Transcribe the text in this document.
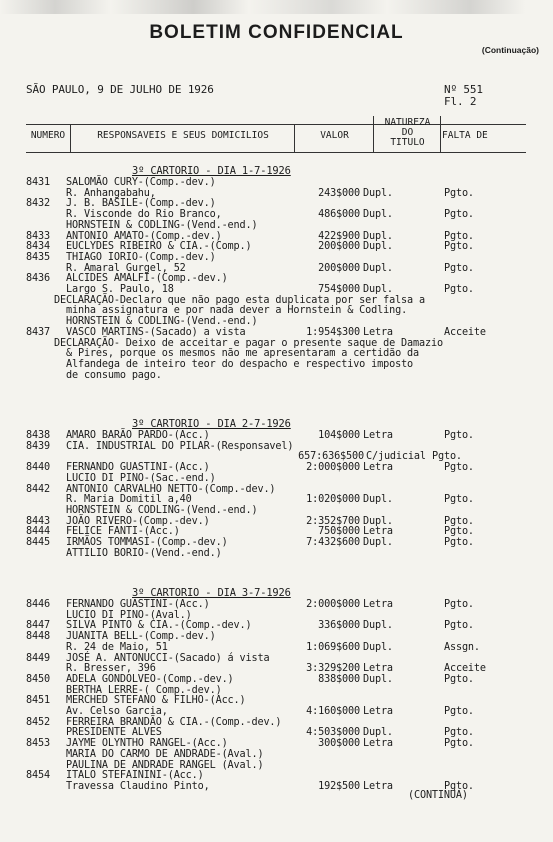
BOLETIM CONFIDENCIAL
(Continuação)
SÃO PAULO, 9 DE JULHO DE 1926	Nº 551
Fl. 2
NUMERO	RESPONSAVEIS E SEUS DOMICILIOS	VALOR
NATUREZA
DO
TITULO
FALTA DE
3º CARTORIO - DIA 1-7-1926
8431 SALOMÃO CURY-(Comp.-dev.)
R. Anhangabahu,	243$000 Dupl.	Pgto.
8432 J. B. BASILE-(Comp.-dev.)
R. Visconde do Rio Branco,	486$000 Dupl.	Pgto.
HORNSTEIN & CODLING-(Vend.-end.)
8433 ANTONIO AMATO-(Comp.-dev.)	422$900 Dupl.	Pgto.
8434 EUCLYDES RIBEIRO & CIA.-(Comp.)	200$000 Dupl.	Pgto.
8435 THIAGO IORIO-(Comp.-dev.)
R. Amaral Gurgel, 52	200$000 Dupl.	Pgto.
8436 ALCIDES AMALFI-(Comp.-dev.)
Largo S. Paulo, 18	754$000 Dupl.	Pgto.
DECLARAÇÃO-Declaro que não pago esta duplicata por ser falsa a
minha assignatura e por nada dever a Hornstein & Codling.
HORNSTEIN & CODLING-(Vend.-end.)
8437 VASCO MARTINS-(Sacado) a vista	1:954$300 Letra	Acceite
DECLARAÇÃO- Deixo de acceitar e pagar o presente saque de Damazio
& Pires, porque os mesmos não me apresentaram a certidão da
Alfandega de inteiro teor do despacho e respectivo imposto
de consumo pago.
3º CARTORIO - DIA 2-7-1926
8438 AMARO BARÃO PARDO-(Acc.)	104$000 Letra	Pgto.
8439 CIA. INDUSTRIAL DO PILAR-(Responsavel)
657:636$500 C/judicial Pgto.
8440 FERNANDO GUASTINI-(Acc.)	2:000$000 Letra	Pgto.
LUCIO DI PINO-(Sac.-end.)
8442 ANTONIO CARVALHO NETTO-(Comp.-dev.)
R. Maria Domitil a,40	1:020$000 Dupl.	Pgto.
HORNSTEIN & CODLING-(Vend.-end.)
8443 JOÃO RIVERO-(Comp.-dev.)	2:352$700 Dupl.	Pgto.
8444 FELICE FANTI-(Acc.)	750$000 Letra	Pgto.
8445 IRMÃOS TOMMASI-(Comp.-dev.)	7:432$600 Dupl.	Pgto.
ATTILIO BORIO-(Vend.-end.)
3º CARTORIO - DIA 3-7-1926
8446 FERNANDO GUASTINI-(Acc.)	2:000$000 Letra	Pgto.
LUCIO DI PINO-(Aval.)
8447 SILVA PINTO & CIA.-(Comp.-dev.)	336$000 Dupl.	Pgto.
8448 JUANITA BELL-(Comp.-dev.)
R. 24 de Maio, 51	1:069$600 Dupl.	Assgn.
8449 JOSÉ A. ANTONUCCI-(Sacado) á vista
R. Bresser, 396	3:329$200 Letra	Acceite
8450 ADELA GONDOLVEO-(Comp.-dev.)	838$000 Dupl.	Pgto.
BERTHA LERRE-( Comp.-dev.)
8451 MERCHED STEFANO & FILHO-(Acc.)
Av. Celso Garcia,	4:160$000 Letra	Pgto.
8452 FERREIRA BRANDÃO & CIA.-(Comp.-dev.)
PRESIDENTE ALVES	4:503$000 Dupl.	Pgto.
8453 JAYME OLYNTHO RANGEL-(Acc.)	300$000 Letra	Pgto.
MARIA DO CARMO DE ANDRADE-(Aval.)
PAULINA DE ANDRADE RANGEL (Aval.)
8454 ITALO STEFAININI-(Acc.)
Travessa Claudino Pinto,	192$500 Letra	Pgto.
(CONTINUA)
